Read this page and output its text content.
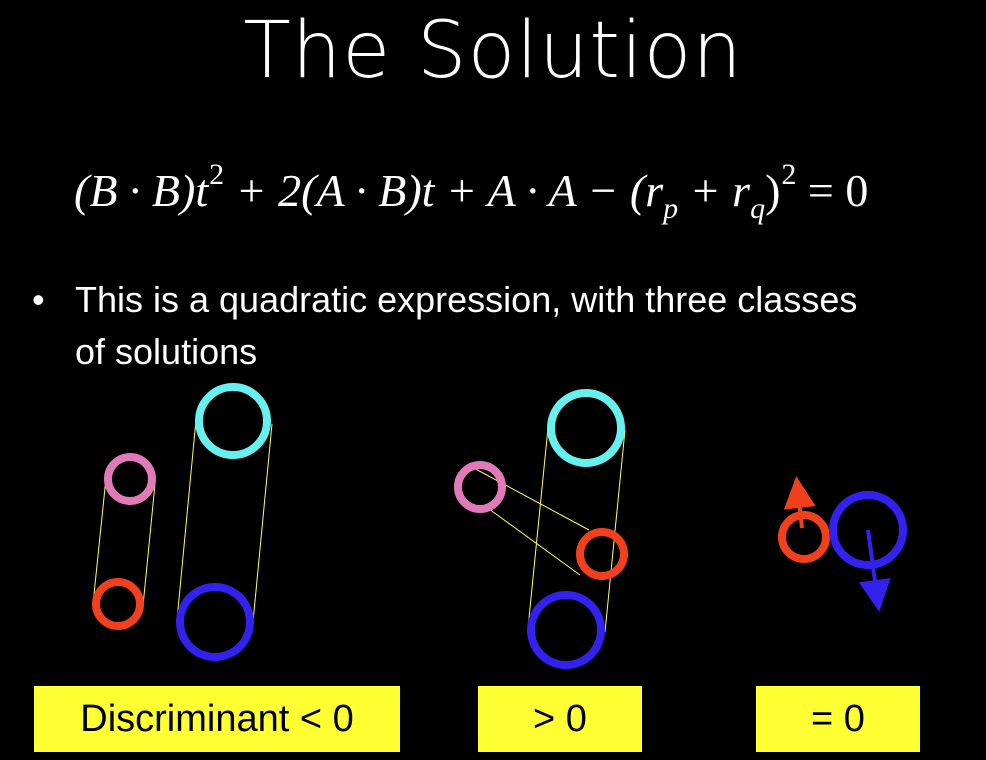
The Solution
$(B \cdot B)t^2 + 2(A \cdot B)t + A \cdot A - (r_p + r_q)^2 = 0$
• This is a quadratic expression, with three classes of solutions
Discriminant < 0	> 0	= 0
